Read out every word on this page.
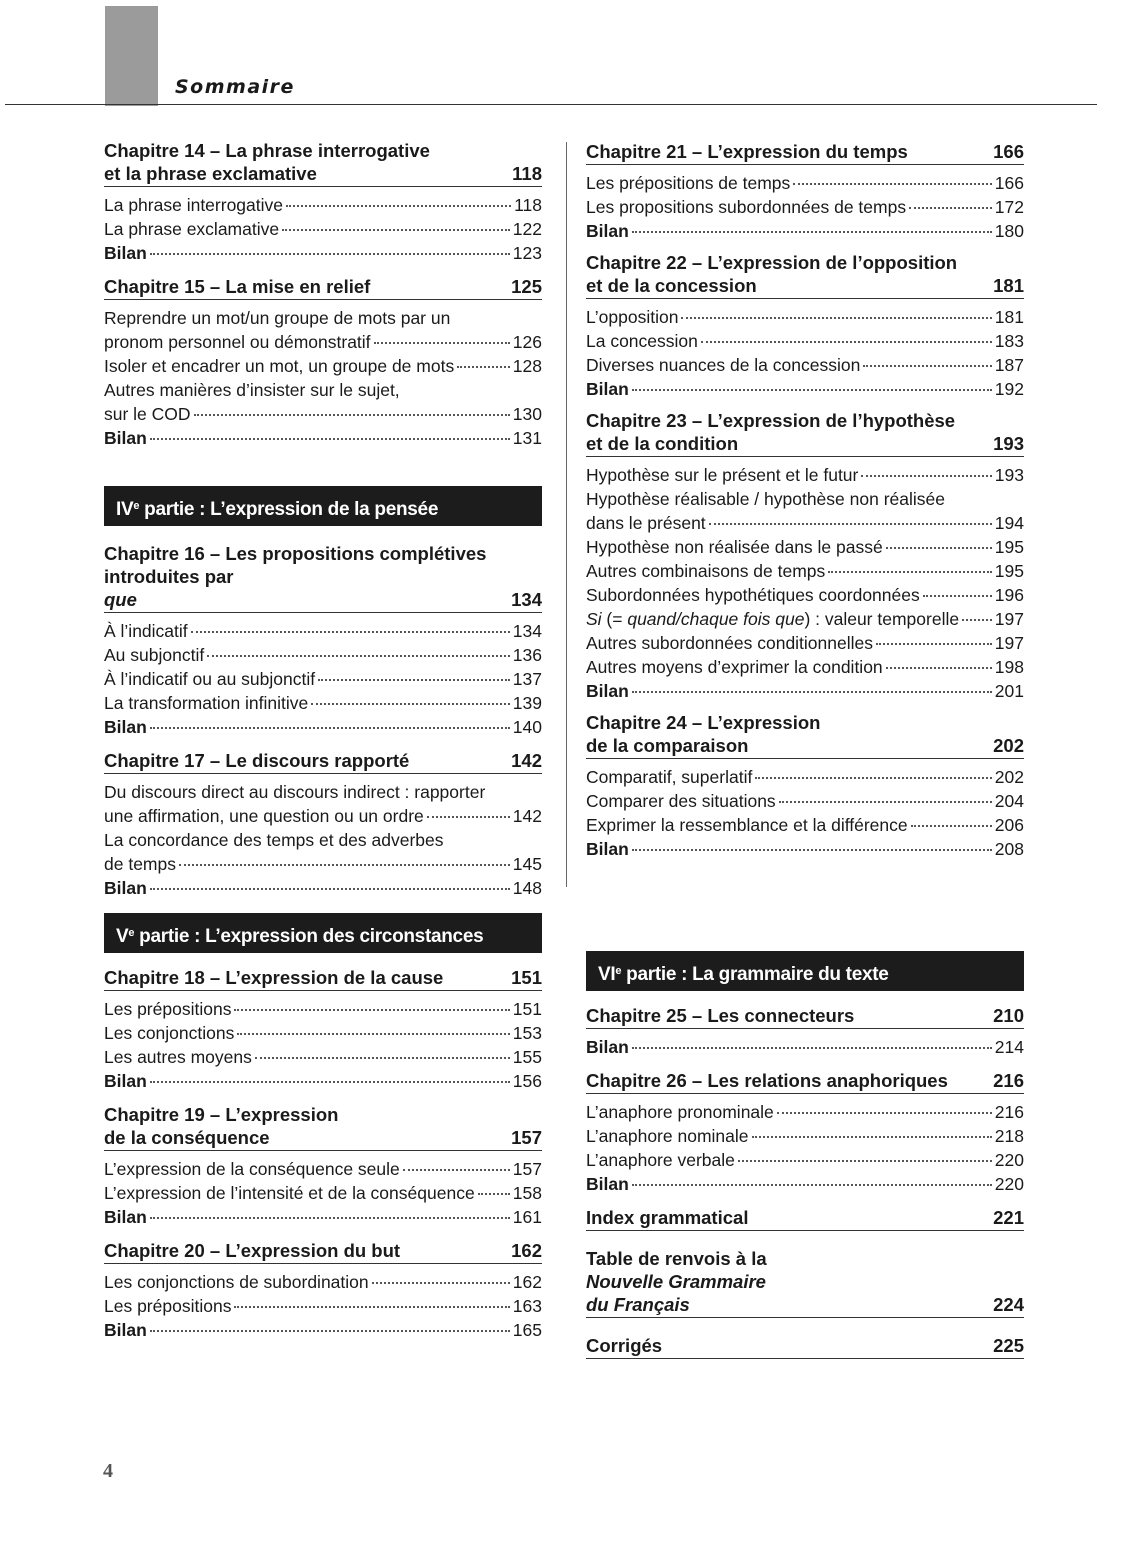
Sommaire
Chapitre 14 – La phrase interrogative
et la phrase exclamative	118
La phrase interrogative	118
La phrase exclamative	122
Bilan	123
Chapitre 15 – La mise en relief	125
Reprendre un mot/un groupe de mots par un
pronom personnel ou démonstratif	126
Isoler et encadrer un mot, un groupe de mots	128
Autres manières d’insister sur le sujet,
sur le COD	130
Bilan	131
IVe partie : L’expression de la pensée
Chapitre 16 – Les propositions complétives
introduites par
que	134
À l’indicatif	134
Au subjonctif	136
À l’indicatif ou au subjonctif	137
La transformation infinitive	139
Bilan	140
Chapitre 17 – Le discours rapporté	142
Du discours direct au discours indirect : rapporter
une affirmation, une question ou un ordre	142
La concordance des temps et des adverbes
de temps	145
Bilan	148
Ve partie : L’expression des circonstances
Chapitre 18 – L’expression de la cause	151
Les prépositions	151
Les conjonctions	153
Les autres moyens	155
Bilan	156
Chapitre 19 – L’expression
de la conséquence	157
L’expression de la conséquence seule	157
L’expression de l’intensité et de la conséquence 158
Bilan	161
Chapitre 20 – L’expression du but	162
Les conjonctions de subordination	162
Les prépositions	163
Bilan	165
Chapitre 21 – L’expression du temps	166
Les prépositions de temps	166
Les propositions subordonnées de temps	172
Bilan	180
Chapitre 22 – L’expression de l’opposition
et de la concession	181
L’opposition	181
La concession	183
Diverses nuances de la concession	187
Bilan	192
Chapitre 23 – L’expression de l’hypothèse
et de la condition	193
Hypothèse sur le présent et le futur	193
Hypothèse réalisable / hypothèse non réalisée
dans le présent	194
Hypothèse non réalisée dans le passé	195
Autres combinaisons de temps	195
Subordonnées hypothétiques coordonnées	196
Si (= quand/chaque fois que) : valeur temporelle 197
Autres subordonnées conditionnelles	197
Autres moyens d’exprimer la condition	198
Bilan	201
Chapitre 24 – L’expression
de la comparaison	202
Comparatif, superlatif	202
Comparer des situations	204
Exprimer la ressemblance et la différence	206
Bilan	208
VIe partie : La grammaire du texte
Chapitre 25 – Les connecteurs	210
Bilan	214
Chapitre 26 – Les relations anaphoriques	216
L’anaphore pronominale	216
L’anaphore nominale	218
L’anaphore verbale	220
Bilan	220
Index grammatical	221
Table de renvois à la
Nouvelle Grammaire
du Français	224
Corrigés	225
4
